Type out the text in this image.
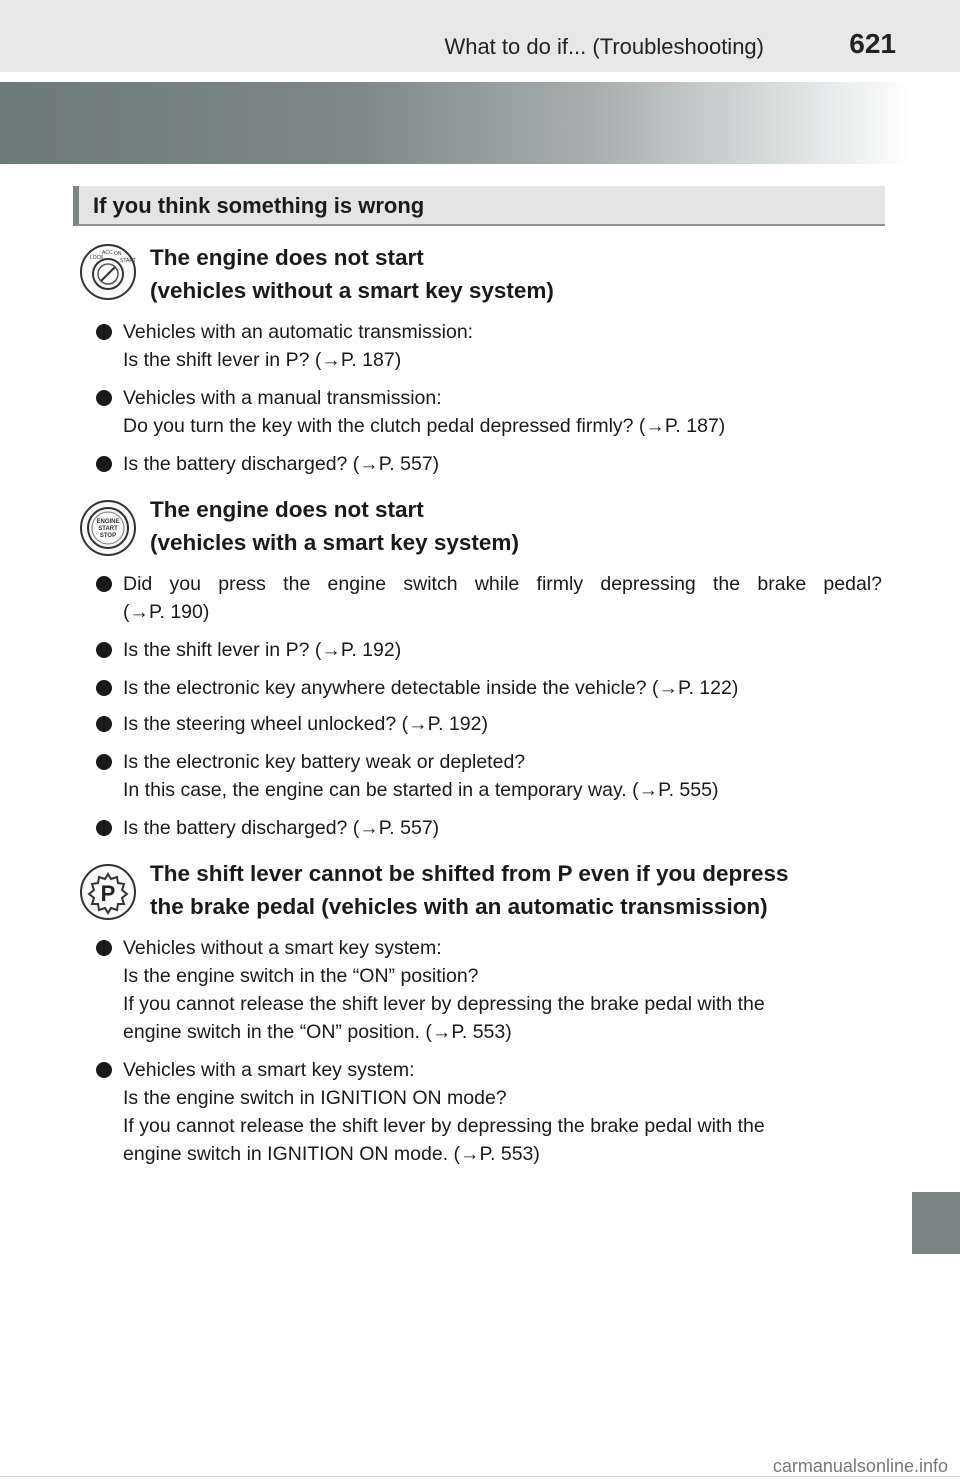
What to do if... (Troubleshooting)	621
If you think something is wrong
LOCK
ACC ON
START The engine does not start
(vehicles without a smart key system)
Vehicles with an automatic transmission:
Is the shift lever in P? (→P. 187)
Vehicles with a manual transmission:
Do you turn the key with the clutch pedal depressed firmly? (→P. 187)
Is the battery discharged? (→P. 557)
ENGINE
START
STOP
The engine does not start
(vehicles with a smart key system)
Did you press the engine switch while firmly depressing the brake pedal?
(→P. 190)
Is the shift lever in P? (→P. 192)
Is the electronic key anywhere detectable inside the vehicle? (→P. 122)
Is the steering wheel unlocked? (→P. 192)
Is the electronic key battery weak or depleted?
In this case, the engine can be started in a temporary way. (→P. 555)
Is the battery discharged? (→P. 557)
P
The shift lever cannot be shifted from P even if you depress
the brake pedal (vehicles with an automatic transmission)
Vehicles without a smart key system:
Is the engine switch in the “ON” position?
If you cannot release the shift lever by depressing the brake pedal with the
engine switch in the “ON” position. (→P. 553)
Vehicles with a smart key system:
Is the engine switch in IGNITION ON mode?
If you cannot release the shift lever by depressing the brake pedal with the
engine switch in IGNITION ON mode. (→P. 553)
carmanualsonline.info
